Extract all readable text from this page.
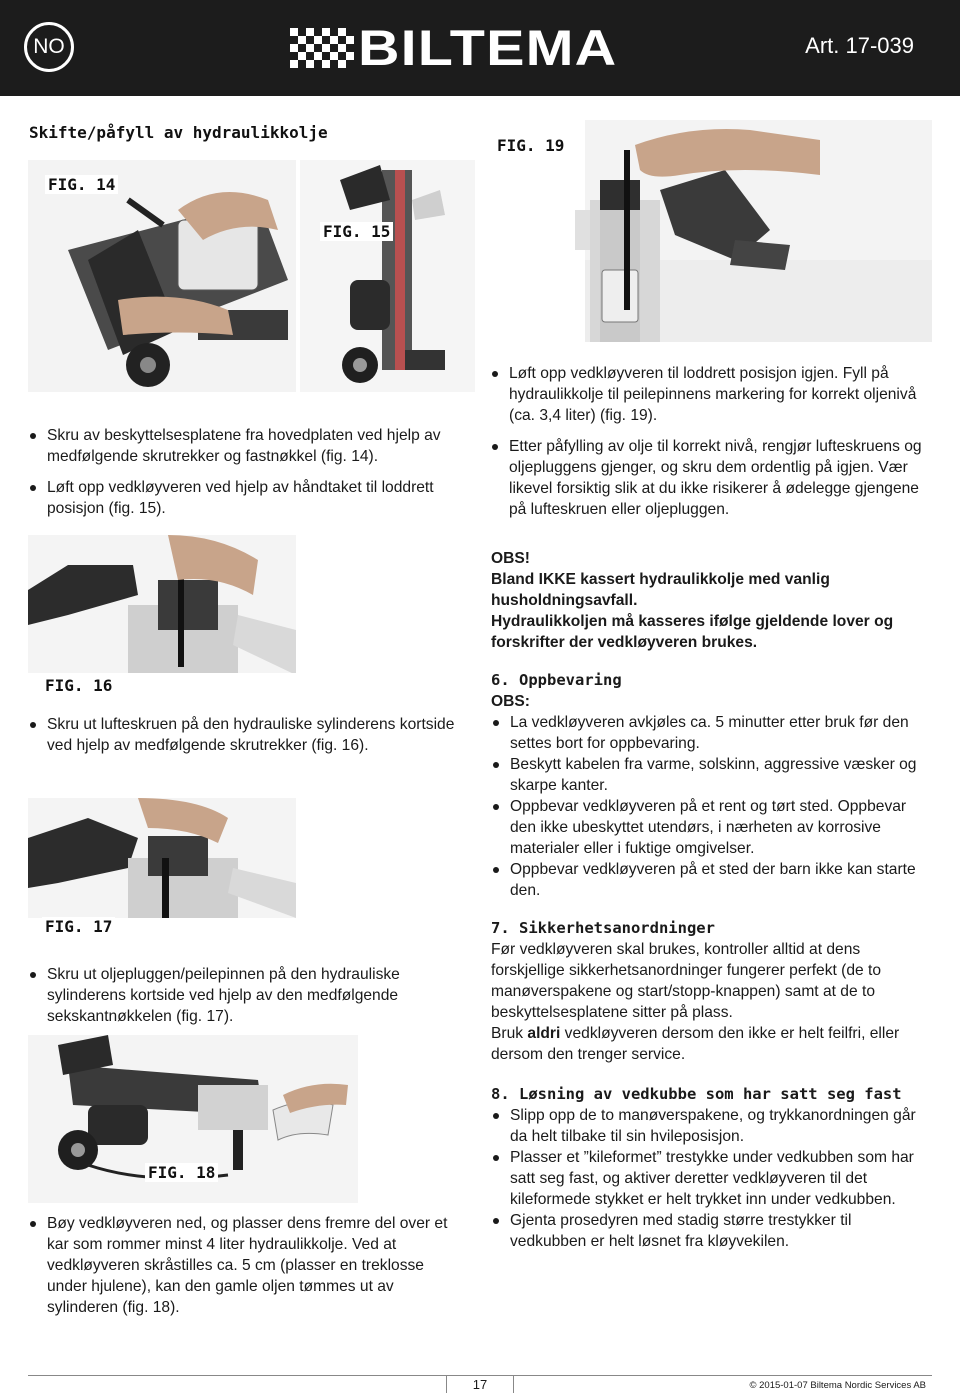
NO	BILTEMA	Art. 17-039
Skifte/påfyll av hydraulikkolje
FIG. 14
FIG. 15
Skru av beskyttelsesplatene fra hovedplaten ved hjelp av medfølgende skrutrekker og fastnøkkel (fig. 14).
Løft opp vedkløyveren ved hjelp av håndtaket til loddrett posisjon (fig. 15).
FIG. 16
Skru ut lufteskruen på den hydrauliske sylinderens kortside ved hjelp av medfølgende skrutrekker (fig. 16).
FIG. 17
Skru ut oljepluggen/peilepinnen på den hydrauliske sylinderens kortside ved hjelp av den medfølgende sekskantnøkkelen (fig. 17).
FIG. 18
Bøy vedkløyveren ned, og plasser dens fremre del over et kar som rommer minst 4 liter hydraulikkolje. Ved at vedkløyveren skråstilles ca. 5 cm (plasser en treklosse under hjulene), kan den gamle oljen tømmes ut av sylinderen (fig. 18).
FIG. 19
Løft opp vedkløyveren til loddrett posisjon igjen. Fyll på hydraulikkolje til peilepinnens markering for korrekt oljenivå (ca. 3,4 liter) (fig. 19).
Etter påfylling av olje til korrekt nivå, rengjør lufteskruens og oljepluggens gjenger, og skru dem ordentlig på igjen. Vær likevel forsiktig slik at du ikke risikerer å ødelegge gjengene på lufteskruen eller oljepluggen.
OBS!
Bland IKKE kassert hydraulikkolje med vanlig husholdningsavfall.
Hydraulikkoljen må kasseres ifølge gjeldende lover og forskrifter der vedkløyveren brukes.
6. Oppbevaring
OBS:
La vedkløyveren avkjøles ca. 5 minutter etter bruk før den settes bort for oppbevaring.
Beskytt kabelen fra varme, solskinn, aggressive væsker og skarpe kanter.
Oppbevar vedkløyveren på et rent og tørt sted. Oppbevar den ikke ubeskyttet utendørs, i nærheten av korrosive materialer eller i fuktige omgivelser.
Oppbevar vedkløyveren på et sted der barn ikke kan starte den.
7. Sikkerhetsanordninger
Før vedkløyveren skal brukes, kontroller alltid at dens forskjellige sikkerhetsanordninger fungerer perfekt (de to manøverspakene og start/stopp-knappen) samt at de to beskyttelsesplatene sitter på plass.
Bruk aldri vedkløyveren dersom den ikke er helt feilfri, eller dersom den trenger service.
8. Løsning av vedkubbe som har satt seg fast
Slipp opp de to manøverspakene, og trykkanordningen går da helt tilbake til sin hvileposisjon.
Plasser et ”kileformet” trestykke under vedkubben som har satt seg fast, og aktiver deretter vedkløyveren til det kileformede stykket er helt trykket inn under vedkubben.
Gjenta prosedyren med stadig større trestykker til vedkubben er helt løsnet fra kløyvekilen.
17	© 2015-01-07 Biltema Nordic Services AB
